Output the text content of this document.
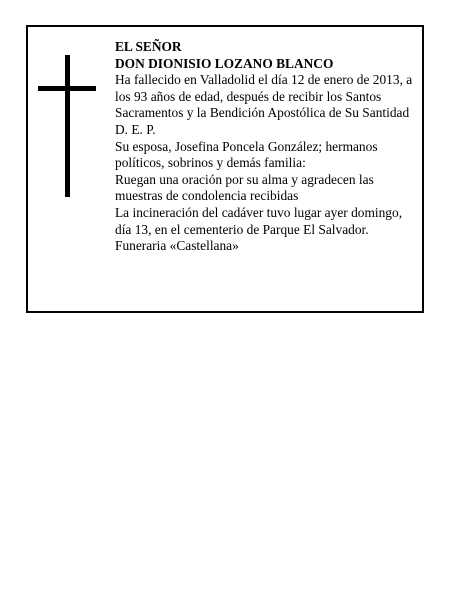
EL SEÑOR

DON DIONISIO LOZANO BLANCO

Ha fallecido en Valladolid el día 12 de enero de 2013, a los 93 años de edad, después de recibir los Santos Sacramentos y la Bendición Apostólica de Su Santidad D. E. P.

Su esposa, Josefina Poncela González; hermanos políticos, sobrinos y demás familia:

Ruegan una oración por su alma y agradecen las muestras de condolencia recibidas

La incineración del cadáver tuvo lugar ayer domingo, día 13, en el cementerio de Parque El Salvador.

Funeraria «Castellana»
